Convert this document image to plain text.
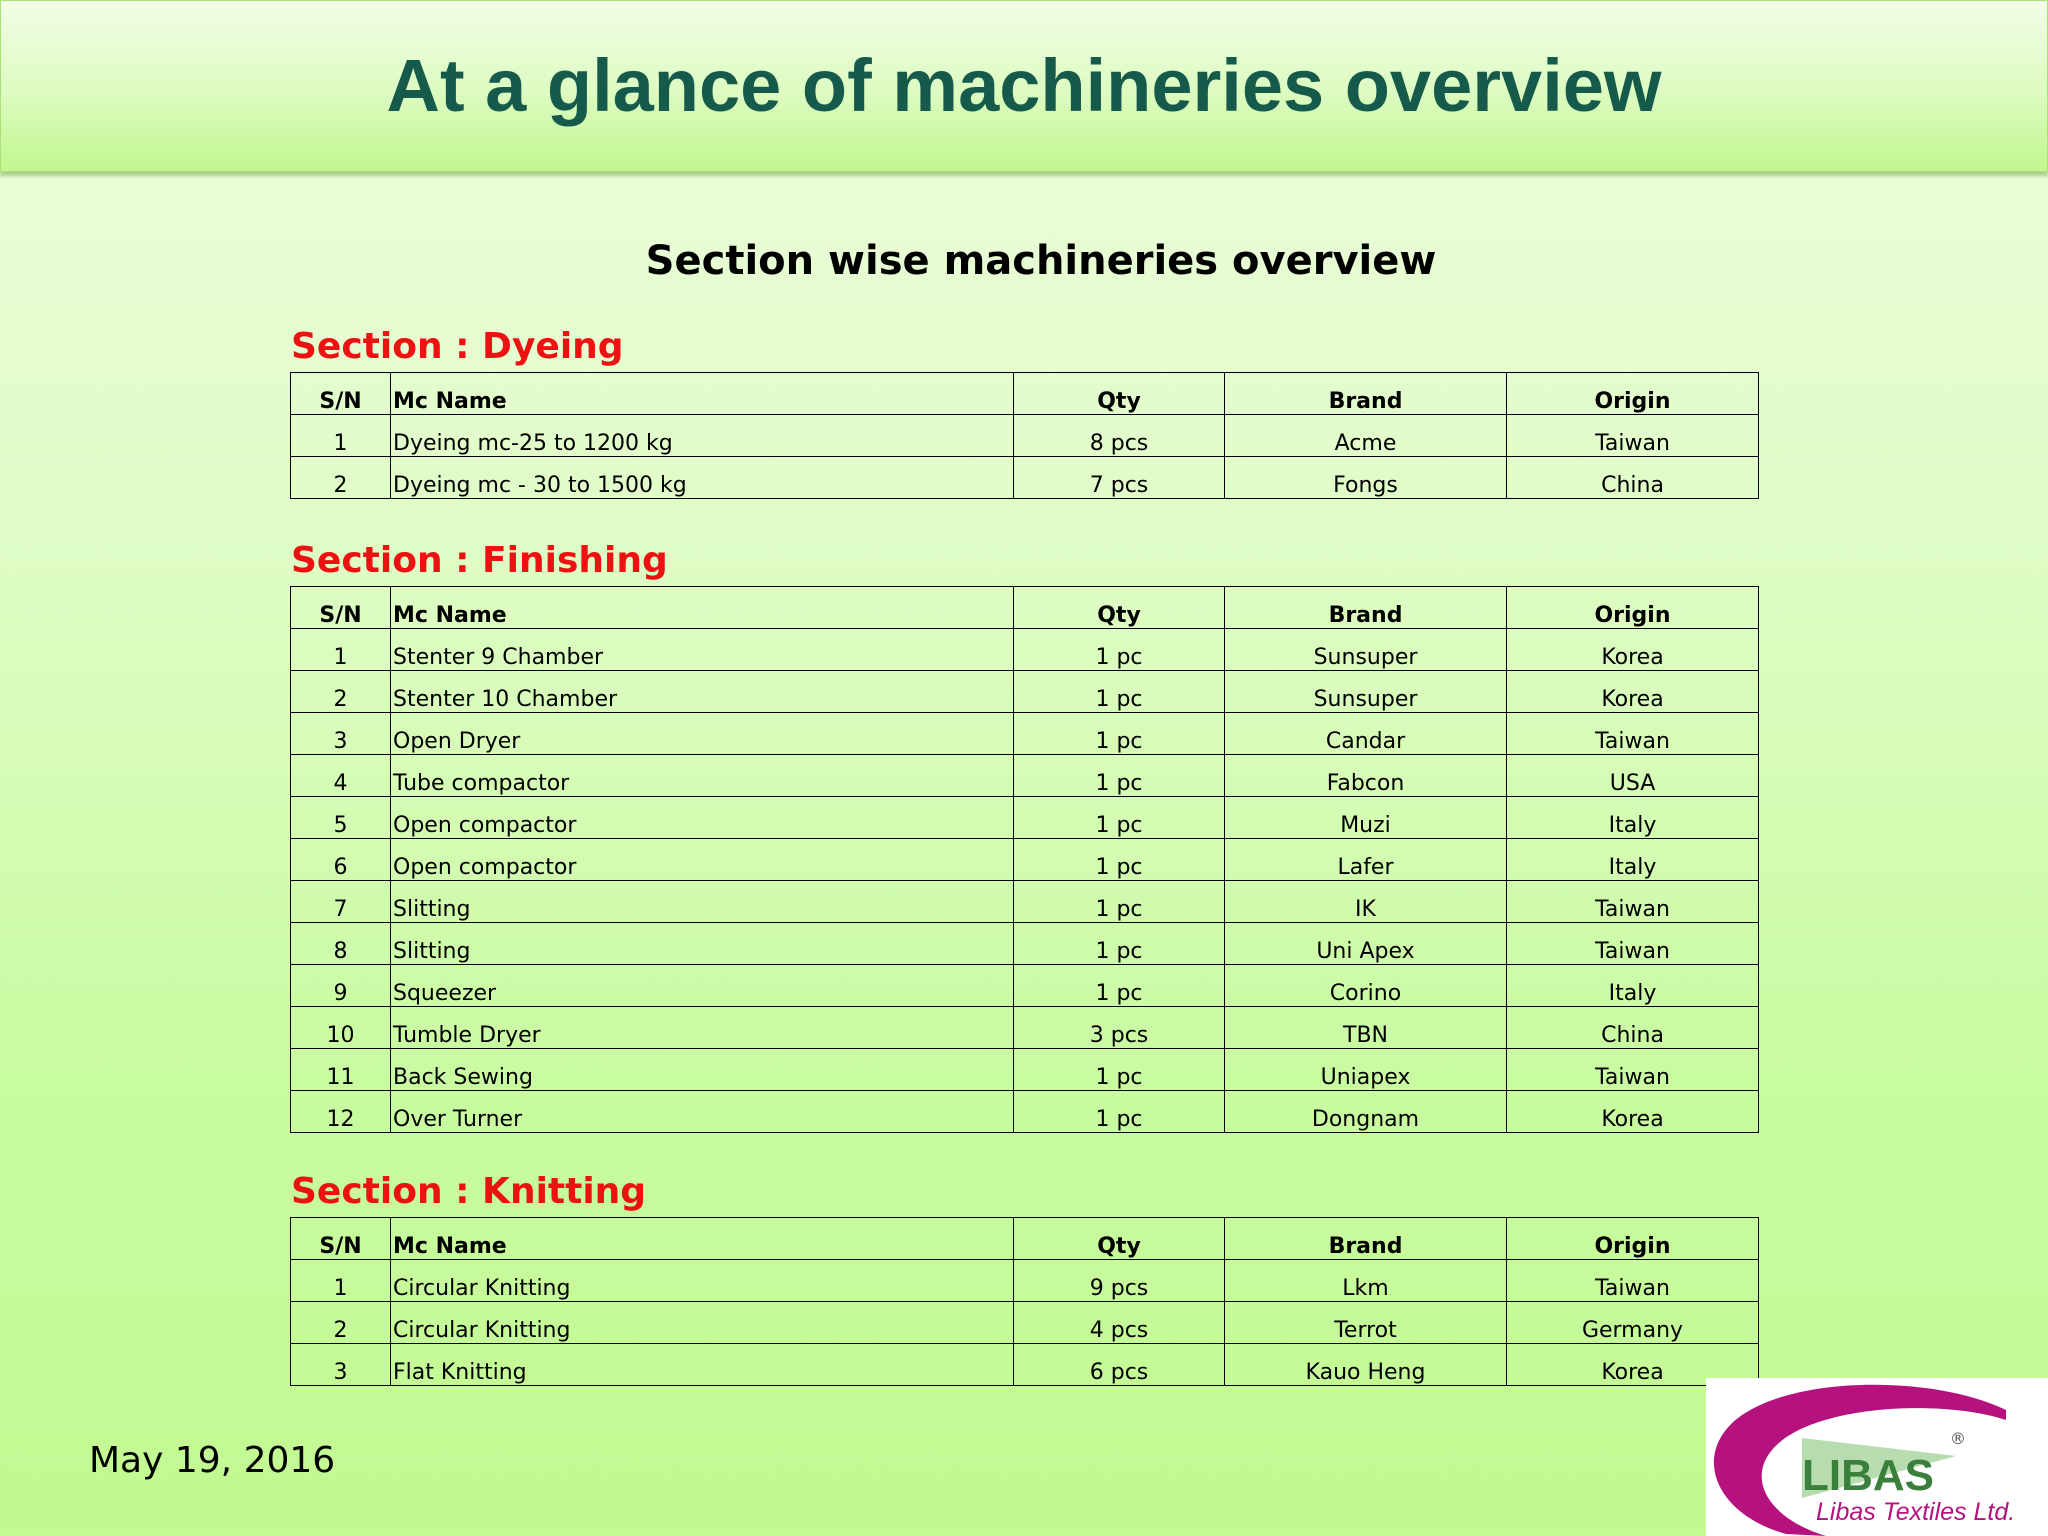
At a glance of machineries overview
Section wise machineries overview
Section : Dyeing
S/N	Mc Name	Qty	Brand	Origin
1	Dyeing mc-25 to 1200 kg	8 pcs	Acme	Taiwan
2	Dyeing mc - 30 to 1500 kg	7 pcs	Fongs	China
Section : Finishing
S/N	Mc Name	Qty	Brand	Origin
1	Stenter 9 Chamber	1 pc	Sunsuper	Korea
2	Stenter 10 Chamber	1 pc	Sunsuper	Korea
3	Open Dryer	1 pc	Candar	Taiwan
4	Tube compactor	1 pc	Fabcon	USA
5	Open compactor	1 pc	Muzi	Italy
6	Open compactor	1 pc	Lafer	Italy
7	Slitting	1 pc	IK	Taiwan
8	Slitting	1 pc	Uni Apex	Taiwan
9	Squeezer	1 pc	Corino	Italy
10	Tumble Dryer	3 pcs	TBN	China
11	Back Sewing	1 pc	Uniapex	Taiwan
12	Over Turner	1 pc	Dongnam	Korea
Section : Knitting
S/N	Mc Name	Qty	Brand	Origin
1	Circular Knitting	9 pcs	Lkm	Taiwan
2	Circular Knitting	4 pcs	Terrot	Germany
3	Flat Knitting	6 pcs	Kauo Heng	Korea
May 19, 2016	LIBAS
®
Libas Textiles Ltd.
